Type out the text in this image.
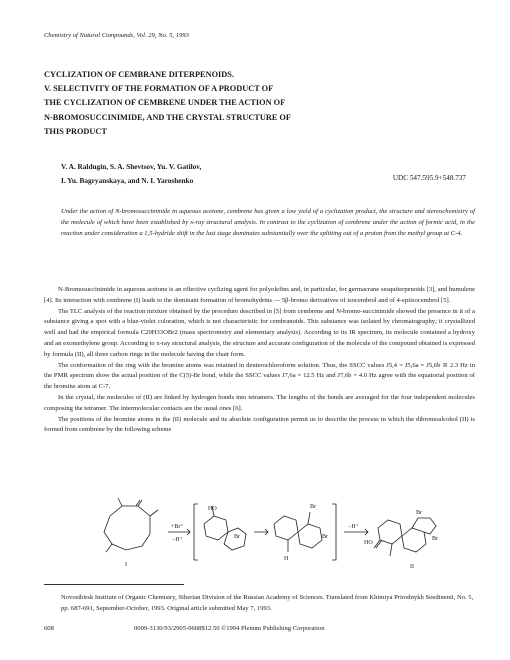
Chemistry of Natural Compounds, Vol. 29, No. 5, 1993
CYCLIZATION OF CEMBRANE DITERPENOIDS.
V. SELECTIVITY OF THE FORMATION OF A PRODUCT OF
THE CYCLIZATION OF CEMBRENE UNDER THE ACTION OF
N-BROMOSUCCINIMIDE, AND THE CRYSTAL STRUCTURE OF
THIS PRODUCT
V. A. Raldugin, S. A. Shevtsov, Yu. V. Gatilov,
I. Yu. Bagryanskaya, and N. I. Yaroshenko	UDC 547.595.9+548.737
Under the action of N-bromosuccinimide in aqueous acetone, cembrene has given a low yield of a cyclization product, the structure and stereochemistry of the molecule of which have been established by x-ray structural analysis. In contrast to the cyclization of cembrene under the action of formic acid, in the reaction under consideration a 1,5-hydride shift in the last stage dominates substantially over the splitting out of a proton from the methyl group at C-4.

N-Bromosuccinimide in aqueous acetone is an effective cyclizing agent for polyolefins and, in particular, for germacrane sesquiterpenoids [3], and humulene [4]. Its interaction with cembrene (I) leads to the dominant formation of bromohydrins — 5β-bromo derivatives of isocembrol and of 4-epiisocembrol [5].

The TLC analysis of the reaction mixture obtained by the procedure described in [5] from cembrene and N-bromo-succinimide showed the presence in it of a substance giving a spot with a blue-violet coloration, which is not characteristic for cembranoids. This substance was isolated by chromatography; it crystallized well and had the empirical formula C20H33OBr2 (mass spectrometry and elementary analysis). According to its IR spectrum, its molecule contained a hydroxy and an exomethylene group. According to x-ray structural analysis, the structure and accurate configuration of the molecule of the compound obtained is expressed by formula (II), all three carbon rings in the molecule having the chair form.

The conformation of the ring with the bromine atoms was retained in deuterochloroform solution. Thus, the SSCC values J5,4 = J5,6a = J5,6b ≅ 2.3 Hz in the PMR spectrum show the actual position of the C(5)-Br bond, while the SSCC values J7,6a = 12.5 Hz and J7,6b = 4.0 Hz agree with the equatorial position of the bromine atom at C-7.

In the crystal, the molecules of (II) are linked by hydrogen bonds into tetramers. The lengths of the bonds are averaged for the four independent molecules composing the tetramer. The intermolecular contacts are the usual ones [6].

The positions of the bromine atoms in the (II) molecule and its absolute configuration permit us to describe the process in which the dibromoalcohol (II) is formed from cembrene by the following scheme

+Br⁺
−H⁺
−H⁺
Br
HO	Br
Br
H
HO
Br
Br
I	II
Novosibirsk Institute of Organic Chemistry, Siberian Division of the Russian Academy of Sciences. Translated from Khimiya Prirodnykh Soedinenii, No. 5, pp. 687-691, September-October, 1993. Original article submitted May 7, 1993.
608	0009-3130/93/2905-0608$12.50 ©1994 Plenum Publishing Corporation
